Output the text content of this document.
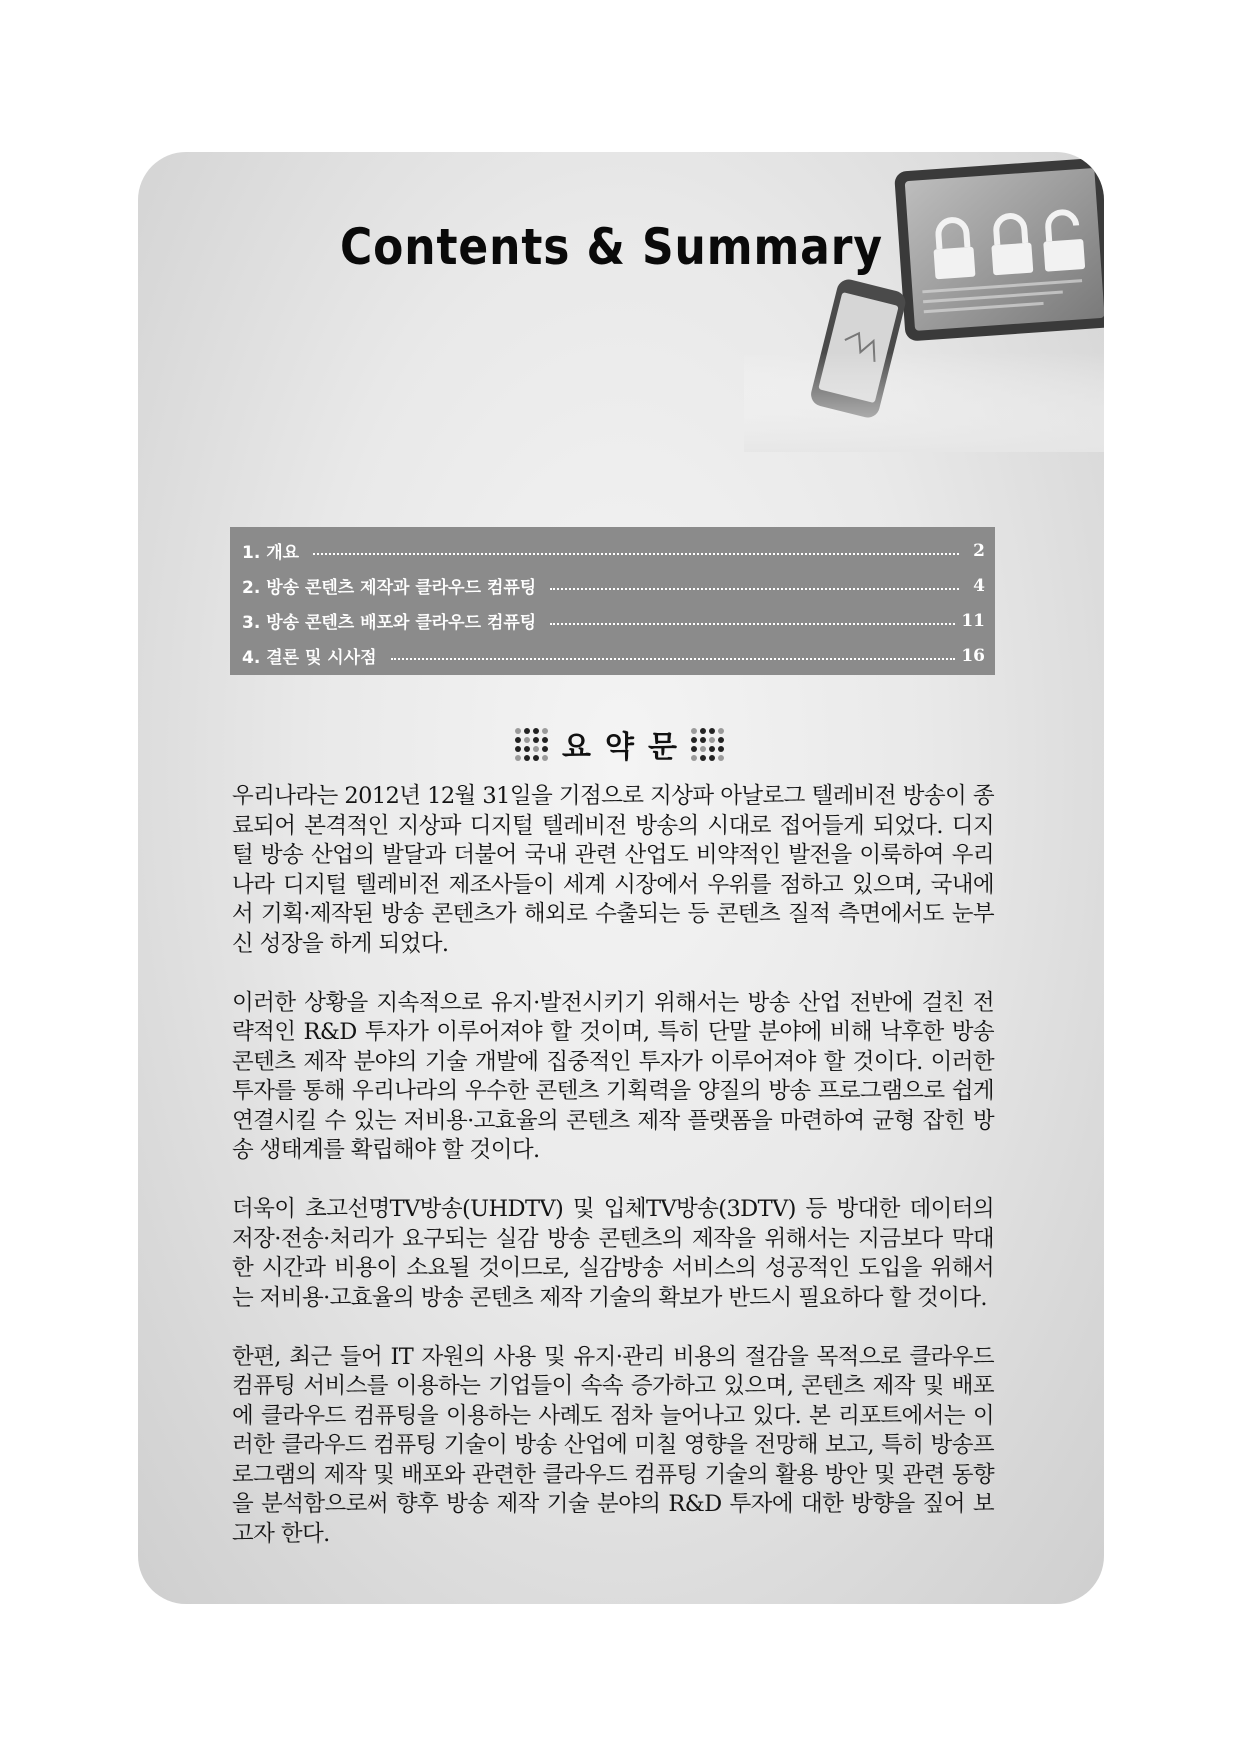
Contents & Summary
1. 개요	2
2. 방송 콘텐츠 제작과 클라우드 컴퓨팅	4
3. 방송 콘텐츠 배포와 클라우드 컴퓨팅	11
4. 결론 및 시사점	16
요약문

우리나라는 2012년 12월 31일을 기점으로 지상파 아날로그 텔레비전 방송이 종료되어 본격적인 지상파 디지털 텔레비전 방송의 시대로 접어들게 되었다. 디지털 방송 산업의 발달과 더불어 국내 관련 산업도 비약적인 발전을 이룩하여 우리나라 디지털 텔레비전 제조사들이 세계 시장에서 우위를 점하고 있으며, 국내에서 기획·제작된 방송 콘텐츠가 해외로 수출되는 등 콘텐츠 질적 측면에서도 눈부신 성장을 하게 되었다.

이러한 상황을 지속적으로 유지·발전시키기 위해서는 방송 산업 전반에 걸친 전략적인 R&D 투자가 이루어져야 할 것이며, 특히 단말 분야에 비해 낙후한 방송 콘텐츠 제작 분야의 기술 개발에 집중적인 투자가 이루어져야 할 것이다. 이러한 투자를 통해 우리나라의 우수한 콘텐츠 기획력을 양질의 방송 프로그램으로 쉽게 연결시킬 수 있는 저비용·고효율의 콘텐츠 제작 플랫폼을 마련하여 균형 잡힌 방송 생태계를 확립해야 할 것이다.

더욱이 초고선명TV방송(UHDTV) 및 입체TV방송(3DTV) 등 방대한 데이터의 저장·전송·처리가 요구되는 실감 방송 콘텐츠의 제작을 위해서는 지금보다 막대한 시간과 비용이 소요될 것이므로, 실감방송 서비스의 성공적인 도입을 위해서는 저비용·고효율의 방송 콘텐츠 제작 기술의 확보가 반드시 필요하다 할 것이다.

한편, 최근 들어 IT 자원의 사용 및 유지·관리 비용의 절감을 목적으로 클라우드 컴퓨팅 서비스를 이용하는 기업들이 속속 증가하고 있으며, 콘텐츠 제작 및 배포에 클라우드 컴퓨팅을 이용하는 사례도 점차 늘어나고 있다. 본 리포트에서는 이러한 클라우드 컴퓨팅 기술이 방송 산업에 미칠 영향을 전망해 보고, 특히 방송프로그램의 제작 및 배포와 관련한 클라우드 컴퓨팅 기술의 활용 방안 및 관련 동향을 분석함으로써 향후 방송 제작 기술 분야의 R&D 투자에 대한 방향을 짚어 보고자 한다.
